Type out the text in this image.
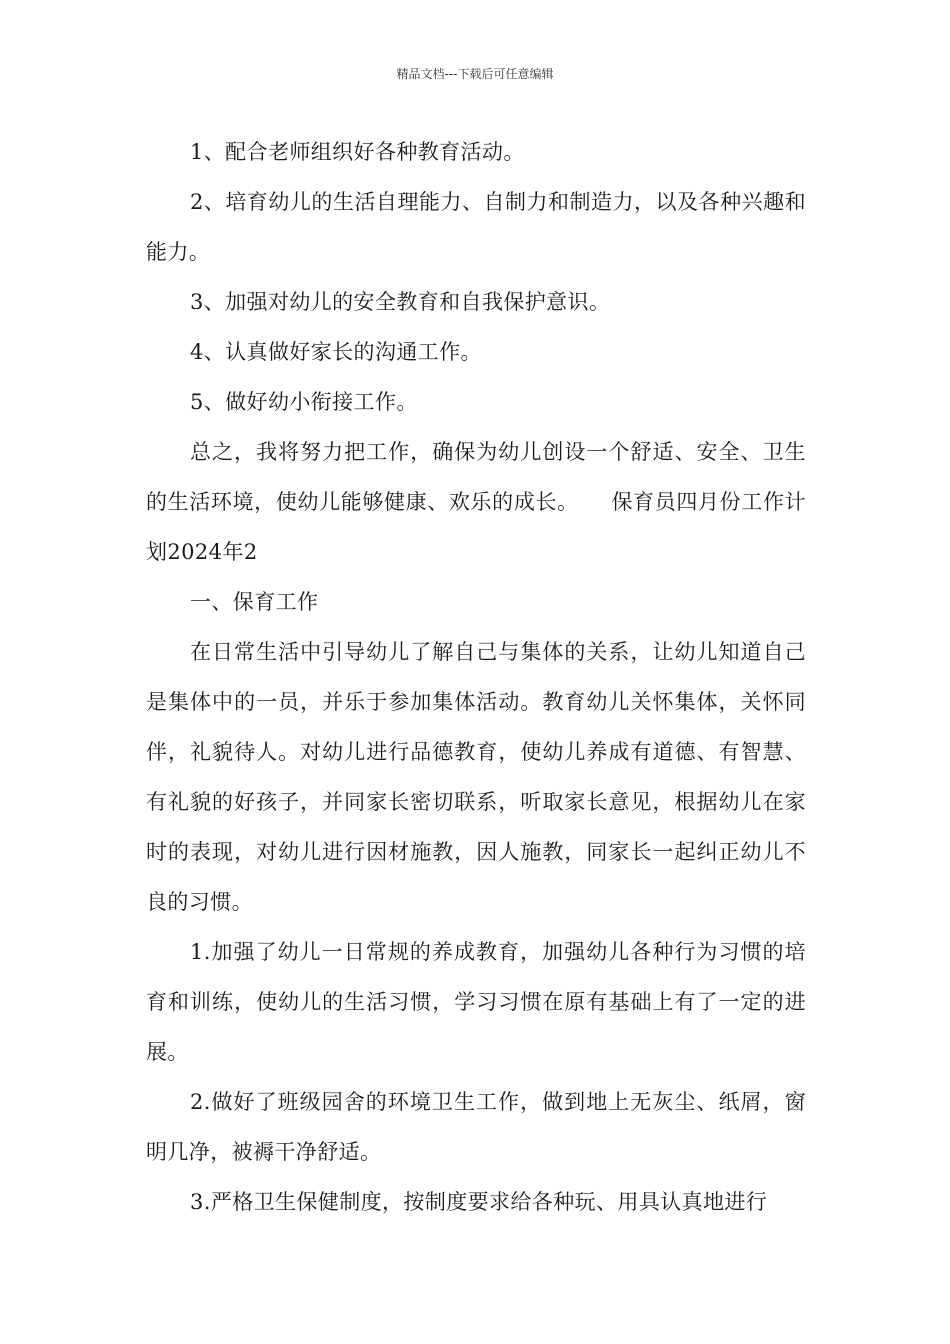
精品文档---下载后可任意编辑

1、配合老师组织好各种教育活动。

2、培育幼儿的生活自理能力、自制力和制造力，以及各种兴趣和能力。

3、加强对幼儿的安全教育和自我保护意识。

4、认真做好家长的沟通工作。

5、做好幼小衔接工作。

总之，我将努力把工作，确保为幼儿创设一个舒适、安全、卫生的生活环境，使幼儿能够健康、欢乐的成长。　　保育员四月份工作计划2024年2

一、保育工作

在日常生活中引导幼儿了解自己与集体的关系，让幼儿知道自己是集体中的一员，并乐于参加集体活动。教育幼儿关怀集体，关怀同伴，礼貌待人。对幼儿进行品德教育，使幼儿养成有道德、有智慧、有礼貌的好孩子，并同家长密切联系，听取家长意见，根据幼儿在家时的表现，对幼儿进行因材施教，因人施教，同家长一起纠正幼儿不良的习惯。

1.加强了幼儿一日常规的养成教育，加强幼儿各种行为习惯的培育和训练，使幼儿的生活习惯，学习习惯在原有基础上有了一定的进展。

2.做好了班级园舍的环境卫生工作，做到地上无灰尘、纸屑，窗明几净，被褥干净舒适。

3.严格卫生保健制度，按制度要求给各种玩、用具认真地进行
